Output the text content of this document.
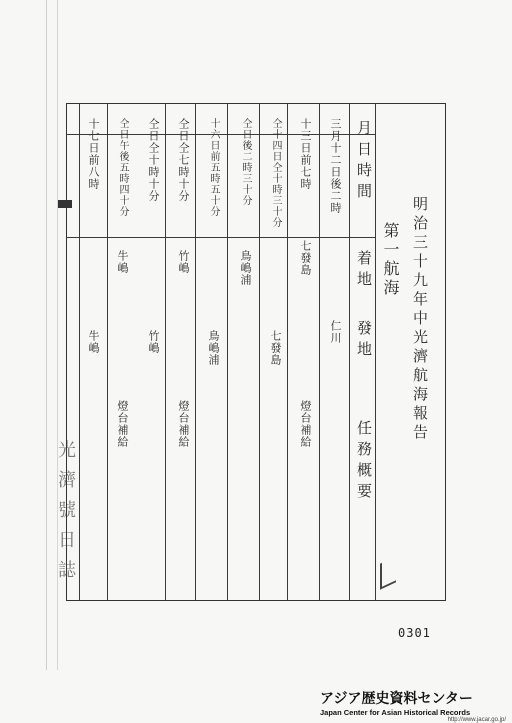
光濟號日誌
明治三十九年中光濟航海報告
第一航海
月日時間
着地
發地
任務概要
三月十二日後二時
仁川
十三日前七時
七發島
燈台補給
仝十四日仝十時三十分
七發島
仝日後二時三十分
鳥嶋浦
十六日前五時五十分
鳥嶋浦
仝日仝七時十分
竹嶋
燈台補給
仝日仝十時十分
竹嶋
仝日午後五時四十分
牛嶋
燈台補給
十七日前八時
牛嶋
0301
アジア歴史資料センター
Japan Center for Asian Historical Records
http://www.jacar.go.jp/
